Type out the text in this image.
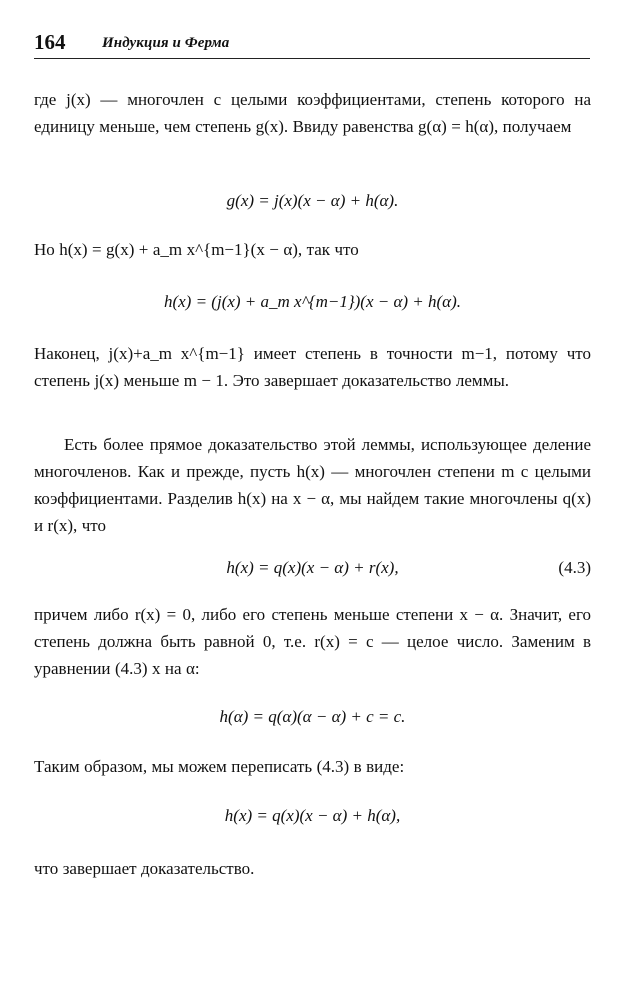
164 Индукция и Ферма
где j(x) — многочлен с целыми коэффициентами, степень которого на единицу меньше, чем степень g(x). Ввиду равенства g(α) = h(α), получаем
g(x) = j(x)(x − α) + h(α).
Но h(x) = g(x) + a_m x^{m−1}(x − α), так что
h(x) = (j(x) + a_m x^{m−1})(x − α) + h(α).
Наконец, j(x)+a_m x^{m−1} имеет степень в точности m−1, потому что степень j(x) меньше m − 1. Это завершает доказательство леммы.
Есть более прямое доказательство этой леммы, использующее деление многочленов. Как и прежде, пусть h(x) — многочлен степени m с целыми коэффициентами. Разделив h(x) на x − α, мы найдем такие многочлены q(x) и r(x), что
h(x) = q(x)(x − α) + r(x),	(4.3)
причем либо r(x) = 0, либо его степень меньше степени x − α. Значит, его степень должна быть равной 0, т.е. r(x) = c — целое число. Заменим в уравнении (4.3) x на α:
h(α) = q(α)(α − α) + c = c.
Таким образом, мы можем переписать (4.3) в виде:
h(x) = q(x)(x − α) + h(α),
что завершает доказательство.
